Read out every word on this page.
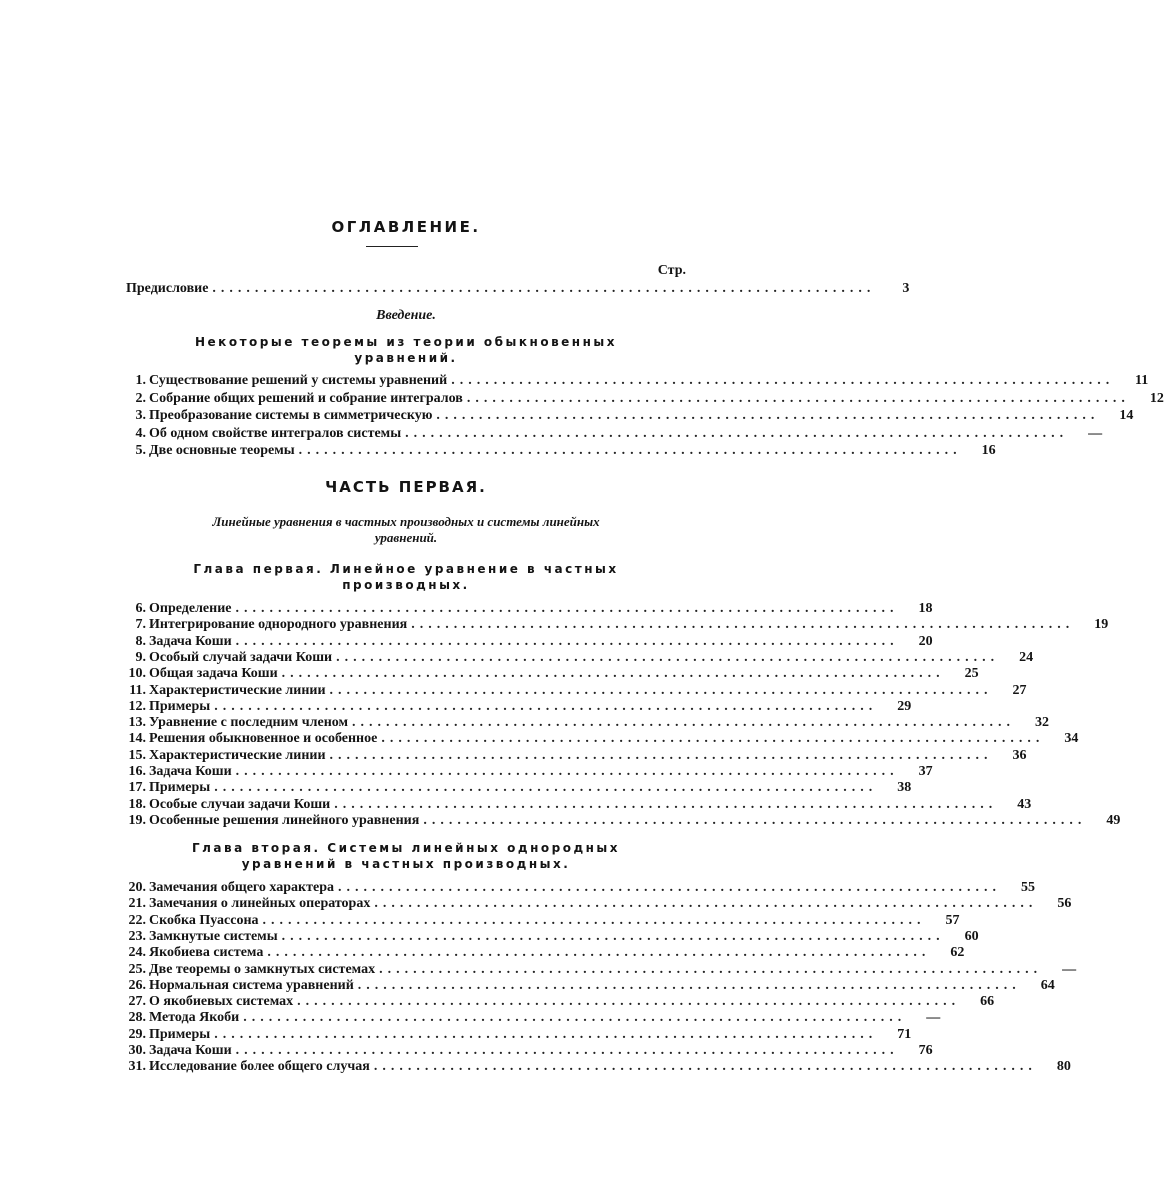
ОГЛАВЛЕНИЕ.
Стр.
Предисловие ..............................................................................	3
Введение.
Некоторые теоремы из теории обыкновенных
уравнений.
1. Существование решений у системы уравнений ..............................................................................	11
2. Собрание общих решений и собрание интегралов ..............................................................................	12
3. Преобразование системы в симметрическую ..............................................................................	14
4. Об одном свойстве интегралов системы ..............................................................................	—
5. Две основные теоремы ..............................................................................	16
ЧАСТЬ ПЕРВАЯ.
Линейные уравнения в частных производных и системы линейных
уравнений.
Глава первая. Линейное уравнение в частных
производных.
6. Определение ..............................................................................	18
7. Интегрирование однородного уравнения ..............................................................................	19
8. Задача Коши ..............................................................................	20
9. Особый случай задачи Коши ..............................................................................	24
10. Общая задача Коши ..............................................................................	25
11. Характеристические линии ..............................................................................	27
12. Примеры ..............................................................................	29
13. Уравнение с последним членом ..............................................................................	32
14. Решения обыкновенное и особенное ..............................................................................	34
15. Характеристические линии ..............................................................................	36
16. Задача Коши ..............................................................................	37
17. Примеры ..............................................................................	38
18. Особые случаи задачи Коши ..............................................................................	43
19. Особенные решения линейного уравнения ..............................................................................	49
Глава вторая. Системы линейных однородных
уравнений в частных производных.
20. Замечания общего характера ..............................................................................	55
21. Замечания о линейных операторах ..............................................................................	56
22. Скобка Пуассона ..............................................................................	57
23. Замкнутые системы ..............................................................................	60
24. Якобиева система ..............................................................................	62
25. Две теоремы о замкнутых системах ..............................................................................	—
26. Нормальная система уравнений ..............................................................................	64
27. О якобиевых системах ..............................................................................	66
28. Метода Якоби ..............................................................................	—
29. Примеры ..............................................................................	71
30. Задача Коши ..............................................................................	76
31. Исследование более общего случая ..............................................................................	80
